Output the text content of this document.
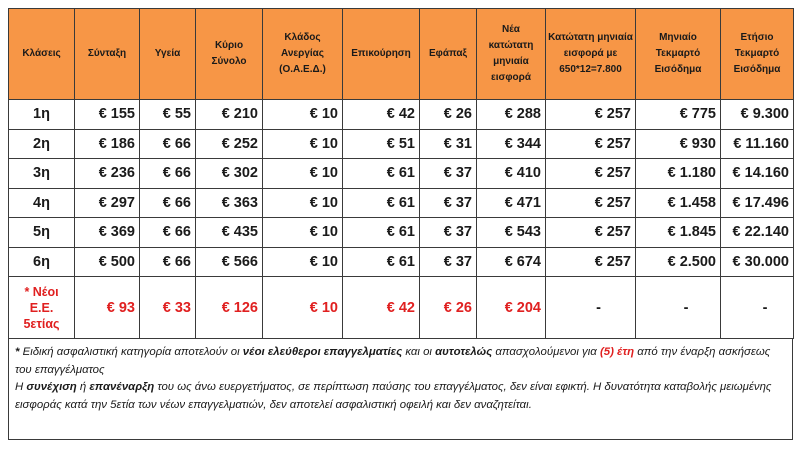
Κλάσεις	Σύνταξη	Υγεία	Κύριο Σύνολο	Κλάδος Ανεργίας (Ο.Α.Ε.Δ.)	Επικούρηση	Εφάπαξ	Νέα κατώτατη μηνιαία εισφορά	Κατώτατη μηνιαία εισφορά με 650*12=7.800	Μηνιαίο Τεκμαρτό Εισόδημα	Ετήσιο Τεκμαρτό Εισόδημα
1η	€ 155	€ 55	€ 210	€ 10	€ 42	€ 26	€ 288	€ 257	€ 775	€ 9.300
2η	€ 186	€ 66	€ 252	€ 10	€ 51	€ 31	€ 344	€ 257	€ 930	€ 11.160
3η	€ 236	€ 66	€ 302	€ 10	€ 61	€ 37	€ 410	€ 257	€ 1.180	€ 14.160
4η	€ 297	€ 66	€ 363	€ 10	€ 61	€ 37	€ 471	€ 257	€ 1.458	€ 17.496
5η	€ 369	€ 66	€ 435	€ 10	€ 61	€ 37	€ 543	€ 257	€ 1.845	€ 22.140
6η	€ 500	€ 66	€ 566	€ 10	€ 61	€ 37	€ 674	€ 257	€ 2.500	€ 30.000
* Νέοι Ε.Ε. 5ετίας	€ 93	€ 33	€ 126	€ 10	€ 42	€ 26	€ 204	-	-	-
* Ειδική ασφαλιστική κατηγορία αποτελούν οι νέοι ελεύθεροι επαγγελματίες και οι αυτοτελώς απασχολούμενοι για (5) έτη από την έναρξη ασκήσεως του επαγγέλματος
Η συνέχιση ή επανέναρξη του ως άνω ευεργετήματος, σε περίπτωση παύσης του επαγγέλματος, δεν είναι εφικτή. Η δυνατότητα καταβολής μειωμένης εισφοράς κατά την 5ετία των νέων επαγγελματιών, δεν αποτελεί ασφαλιστική οφειλή και δεν αναζητείται.
